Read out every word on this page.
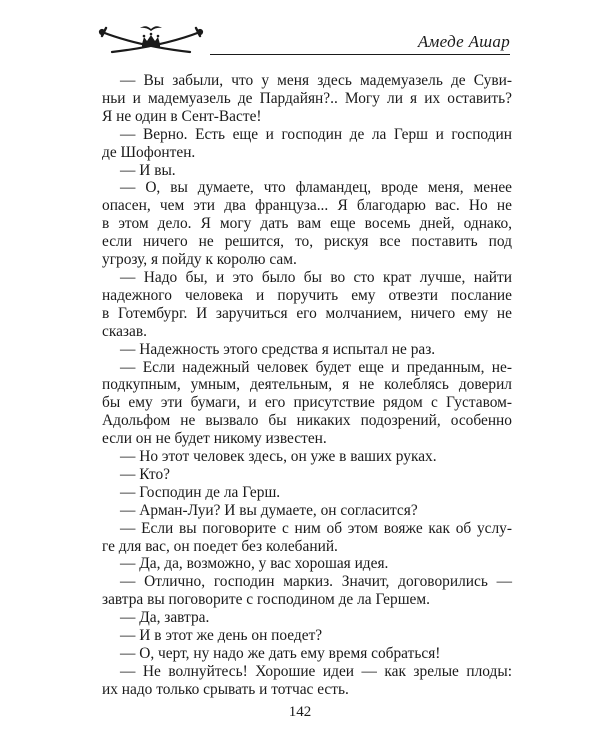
Амеде Ашар
— Вы забыли, что у меня здесь мадемуазель де Суви-
ньи и мадемуазель де Пардайян?.. Могу ли я их оставить?
Я не один в Сент-Васте!
— Верно. Есть еще и господин де ла Герш и господин
де Шофонтен.
— И вы.
— О, вы думаете, что фламандец, вроде меня, менее
опасен, чем эти два француза... Я благодарю вас. Но не
в этом дело. Я могу дать вам еще восемь дней, однако,
если ничего не решится, то, рискуя все поставить под
угрозу, я пойду к королю сам.
— Надо бы, и это было бы во сто крат лучше, найти
надежного человека и поручить ему отвезти послание
в Готембург. И заручиться его молчанием, ничего ему не
сказав.
— Надежность этого средства я испытал не раз.
— Если надежный человек будет еще и преданным, не-
подкупным, умным, деятельным, я не колеблясь доверил
бы ему эти бумаги, и его присутствие рядом с Густавом-
Адольфом не вызвало бы никаких подозрений, особенно
если он не будет никому известен.
— Но этот человек здесь, он уже в ваших руках.
— Кто?
— Господин де ла Герш.
— Арман-Луи? И вы думаете, он согласится?
— Если вы поговорите с ним об этом вояже как об услу-
ге для вас, он поедет без колебаний.
— Да, да, возможно, у вас хорошая идея.
— Отлично, господин маркиз. Значит, договорились —
завтра вы поговорите с господином де ла Гершем.
— Да, завтра.
— И в этот же день он поедет?
— О, черт, ну надо же дать ему время собраться!
— Не волнуйтесь! Хорошие идеи — как зрелые плоды:
их надо только срывать и тотчас есть.
142
